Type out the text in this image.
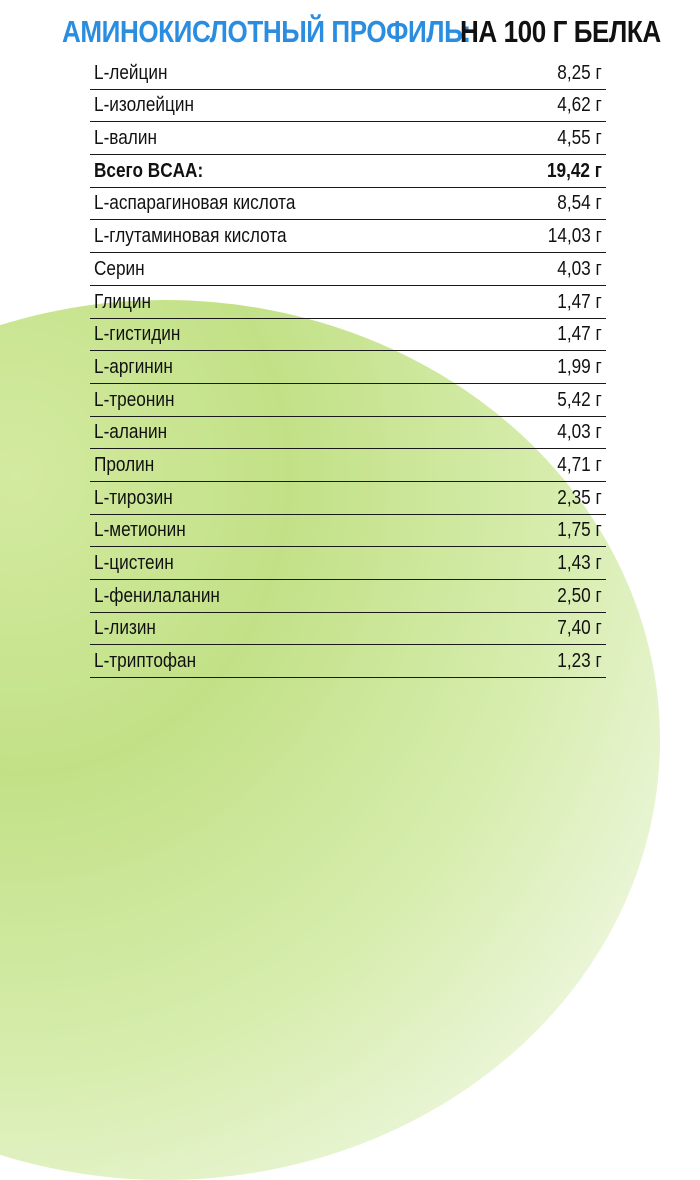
АМИНОКИСЛОТНЫЙ ПРОФИЛЬ:
НА 100 Г БЕЛКА
L-лейцин	8,25 г
L-изолейцин	4,62 г
L-валин	4,55 г
Всего BCAA:	19,42 г
L-аспарагиновая кислота	8,54 г
L-глутаминовая кислота	14,03 г
Серин	4,03 г
Глицин	1,47 г
L-гистидин	1,47 г
L-аргинин	1,99 г
L-треонин	5,42 г
L-аланин	4,03 г
Пролин	4,71 г
L-тирозин	2,35 г
L-метионин	1,75 г
L-цистеин	1,43 г
L-фенилаланин	2,50 г
L-лизин	7,40 г
L-триптофан	1,23 г
